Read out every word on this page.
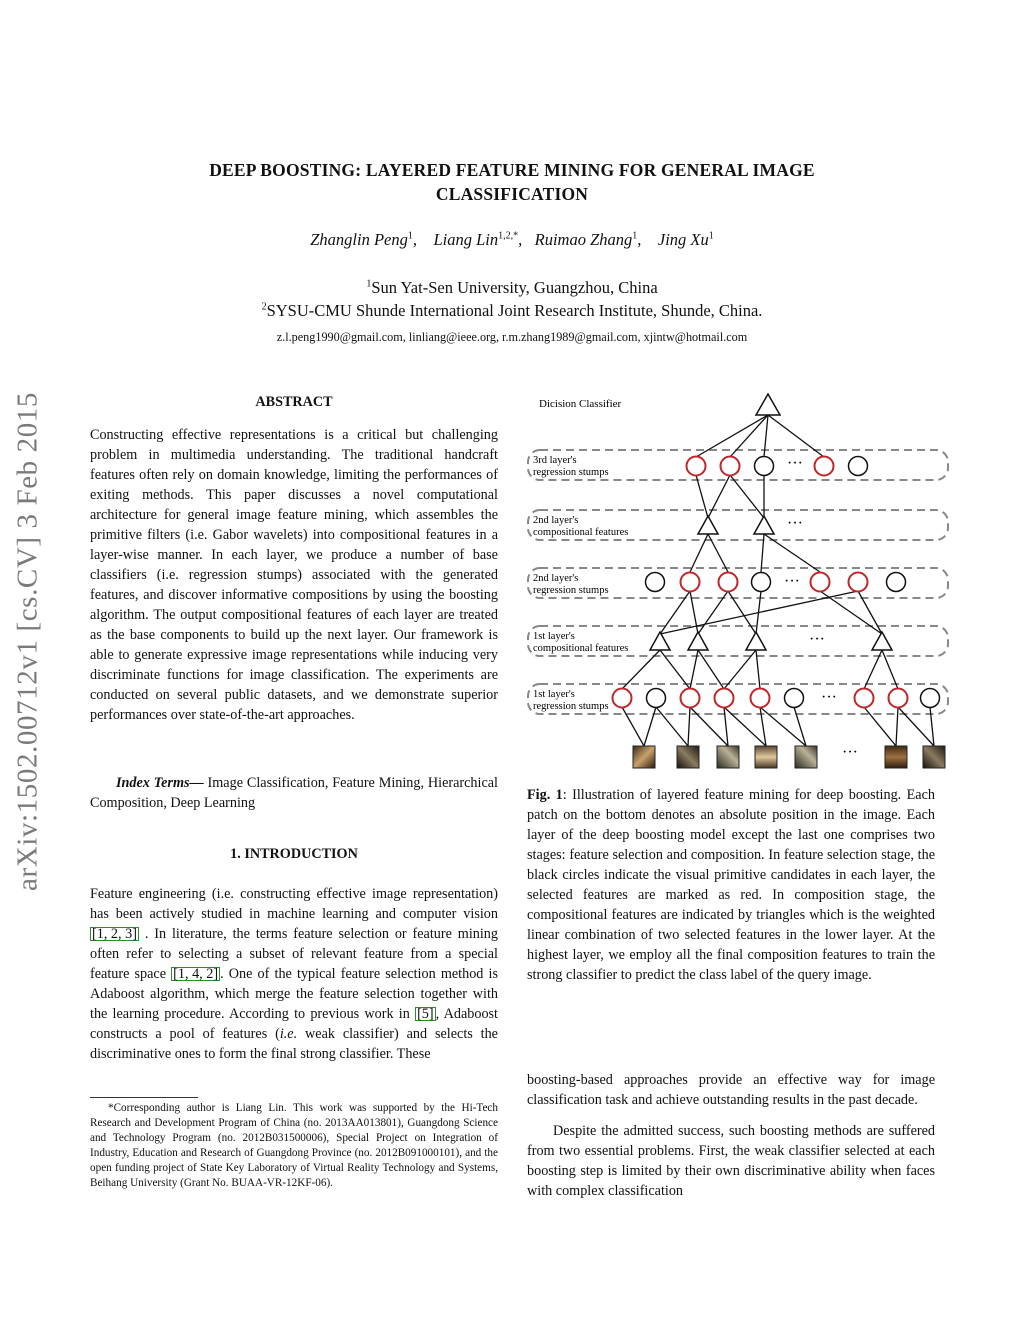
arXiv:1502.00712v1 [cs.CV] 3 Feb 2015
DEEP BOOSTING: LAYERED FEATURE MINING FOR GENERAL IMAGE
CLASSIFICATION
Zhanglin Peng$^1$, Liang Lin$^{1,2,*}$, Ruimao Zhang$^1$, Jing Xu$^1$
$^1$Sun Yat-Sen University, Guangzhou, China
$^2$SYSU-CMU Shunde International Joint Research Institute, Shunde, China.
z.l.peng1990@gmail.com, linliang@ieee.org, r.m.zhang1989@gmail.com, xjintw@hotmail.com
ABSTRACT

Constructing effective representations is a critical but challenging problem in multimedia understanding. The traditional handcraft features often rely on domain knowledge, limiting the performances of exiting methods. This paper discusses a novel computational architecture for general image feature mining, which assembles the primitive filters (i.e. Gabor wavelets) into compositional features in a layer-wise manner. In each layer, we produce a number of base classifiers (i.e. regression stumps) associated with the generated features, and discover informative compositions by using the boosting algorithm. The output compositional features of each layer are treated as the base components to build up the next layer. Our framework is able to generate expressive image representations while inducing very discriminate functions for image classification. The experiments are conducted on several public datasets, and we demonstrate superior performances over state-of-the-art approaches.

Index Terms— Image Classification, Feature Mining, Hierarchical Composition, Deep Learning

1. INTRODUCTION

Feature engineering (i.e. constructing effective image representation) has been actively studied in machine learning and computer vision [1, 2, 3] . In literature, the terms feature selection or feature mining often refer to selecting a subset of relevant feature from a special feature space [1, 4, 2] . One of the typical feature selection method is Adaboost algorithm, which merge the feature selection together with the learning procedure. According to previous work in [5] , Adaboost constructs a pool of features (i.e. weak classifier) and selects the discriminative ones to form the final strong classifier. These

*Corresponding author is Liang Lin. This work was supported by the Hi-Tech Research and Development Program of China (no. 2013AA013801), Guangdong Science and Technology Program (no. 2012B031500006), Special Project on Integration of Industry, Education and Research of Guangdong Province (no. 2012B091000101), and the open funding project of State Key Laboratory of Virtual Reality Technology and Systems, Beihang University (Grant No. BUAA-VR-12KF-06).

Dicision Classifier
3rd layer's
regression stumps
2nd layer's
compositional features
2nd layer's
regression stumps
1st layer's
compositional features
1st layer's
regression stumps
···
···
···
···
···
···

Fig. 1: Illustration of layered feature mining for deep boosting. Each patch on the bottom denotes an absolute position in the image. Each layer of the deep boosting model except the last one comprises two stages: feature selection and composition. In feature selection stage, the black circles indicate the visual primitive candidates in each layer, the selected features are marked as red. In composition stage, the compositional features are indicated by triangles which is the weighted linear combination of two selected features in the lower layer. At the highest layer, we employ all the final composition features to train the strong classifier to predict the class label of the query image.

boosting-based approaches provide an effective way for image classification task and achieve outstanding results in the past decade.

Despite the admitted success, such boosting methods are suffered from two essential problems. First, the weak classifier selected at each boosting step is limited by their own discriminative ability when faces with complex classification
